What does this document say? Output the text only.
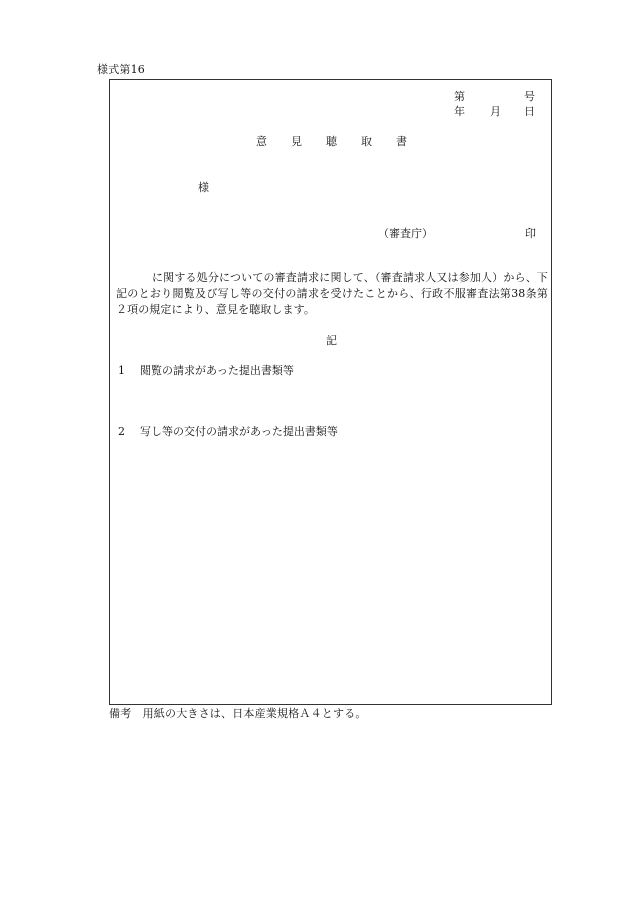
様式第16
第	号
年 月 日
意 見 聴 取 書
様
（審査庁）	印
に関する処分についての審査請求に関して、（審査請求人又は参加人）から、下記のとおり閲覧及び写し等の交付の請求を受けたことから、行政不服審査法第38条第２項の規定により、意見を聴取します。
記
1 閲覧の請求があった提出書類等
2 写し等の交付の請求があった提出書類等
備考　用紙の大きさは、日本産業規格Ａ４とする。
